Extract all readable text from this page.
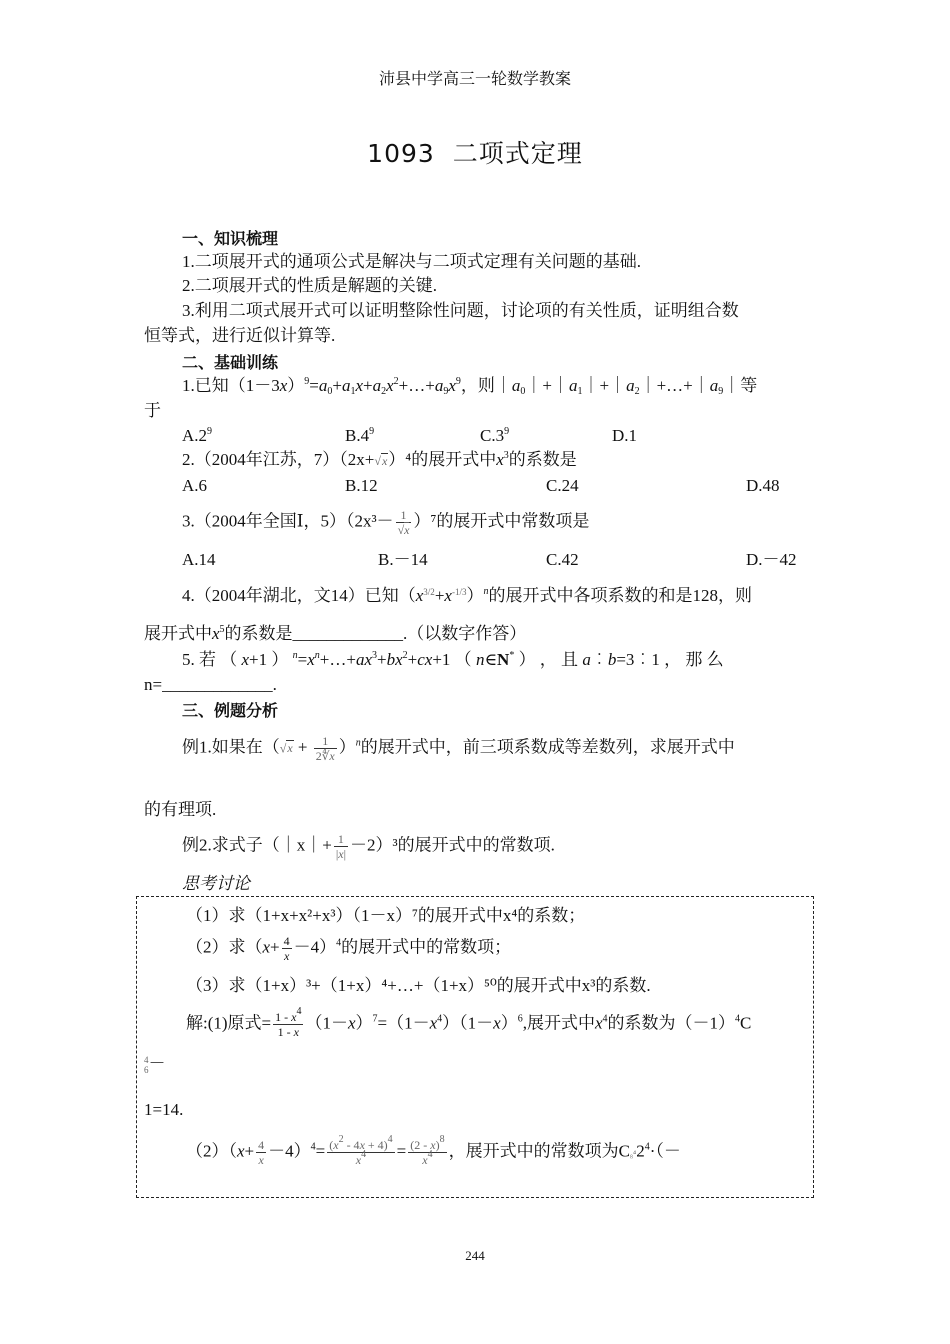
沛县中学高三一轮数学教案
1093 二项式定理
一、知识梳理
1.二项展开式的通项公式是解决与二项式定理有关问题的基础.
2.二项展开式的性质是解题的关键.
3.利用二项式展开式可以证明整除性问题，讨论项的有关性质，证明组合数
恒等式，进行近似计算等.
二、基础训练
1.已知$(1-3x)^9=a_0+a_1x+a_2x^2+\dots+a_9x^9$，则$|a_0|+|a_1|+|a_2|+\dots+|a_9|$等
于
$A.2^9$	$B.4^9$	$C.3^9$	D.1
2.（2004年江苏，7）（2x+√x）⁴的展开式中$x^3$的系数是
A.6	B.12	C.24	D.48
3.（2004年全国Ⅰ，$5)(2x^3- \frac{1}{√x} )^7$的展开式中常数项是
A.14	B.－14	C.42	D.－42
4.（2004年湖北，文14）已知$(x^{3/2}+x^{-1/3})^n$的展开式中各项系数的和是128，则
展开式中$x^5$的系数是_____________.（以数字作答）
5. 若 （ x+1 ） $^n=x^n+\dots+ax^3+bx^2+cx+1$ （ n∈N* ） ， 且 a︰b=3︰1 ， 那 么
n=_____________.
三、例题分析
例1.如果在$(√x + \frac{1}{2∜x} )^n$的展开式中，前三项系数成等差数列，求展开式中
的有理项.
例2.求式子（｜x｜+ $\frac{1}{|x|} -2)^3$的展开式中的常数项.
思考讨论
（1）求（1+x+x²+x³）（1－x）⁷的展开式中x⁴的系数；
（2）求$(x+ \frac{4}{x} -4)^4$的展开式中的常数项；
（3）求（1+x）³+（1+x）⁴+…+（1+x）⁵⁰的展开式中x³的系数.
解:(1)原式= $\frac{1 - x^4}{1 - x} (1-x)^7=(1-x^4)(1-x)^6$,展开式中$x^4$的系数为$(-1)^4C$
4
6－
1=14.
$(2)(x+ \frac{4}{x} -4)^4= \frac{(x^2 - 4x + 4)^4}{x^4} = \frac{(2 - x)^8}{x^4}$ ，展开式中的常数项为$C_8^42^4\cdot(-$
244
